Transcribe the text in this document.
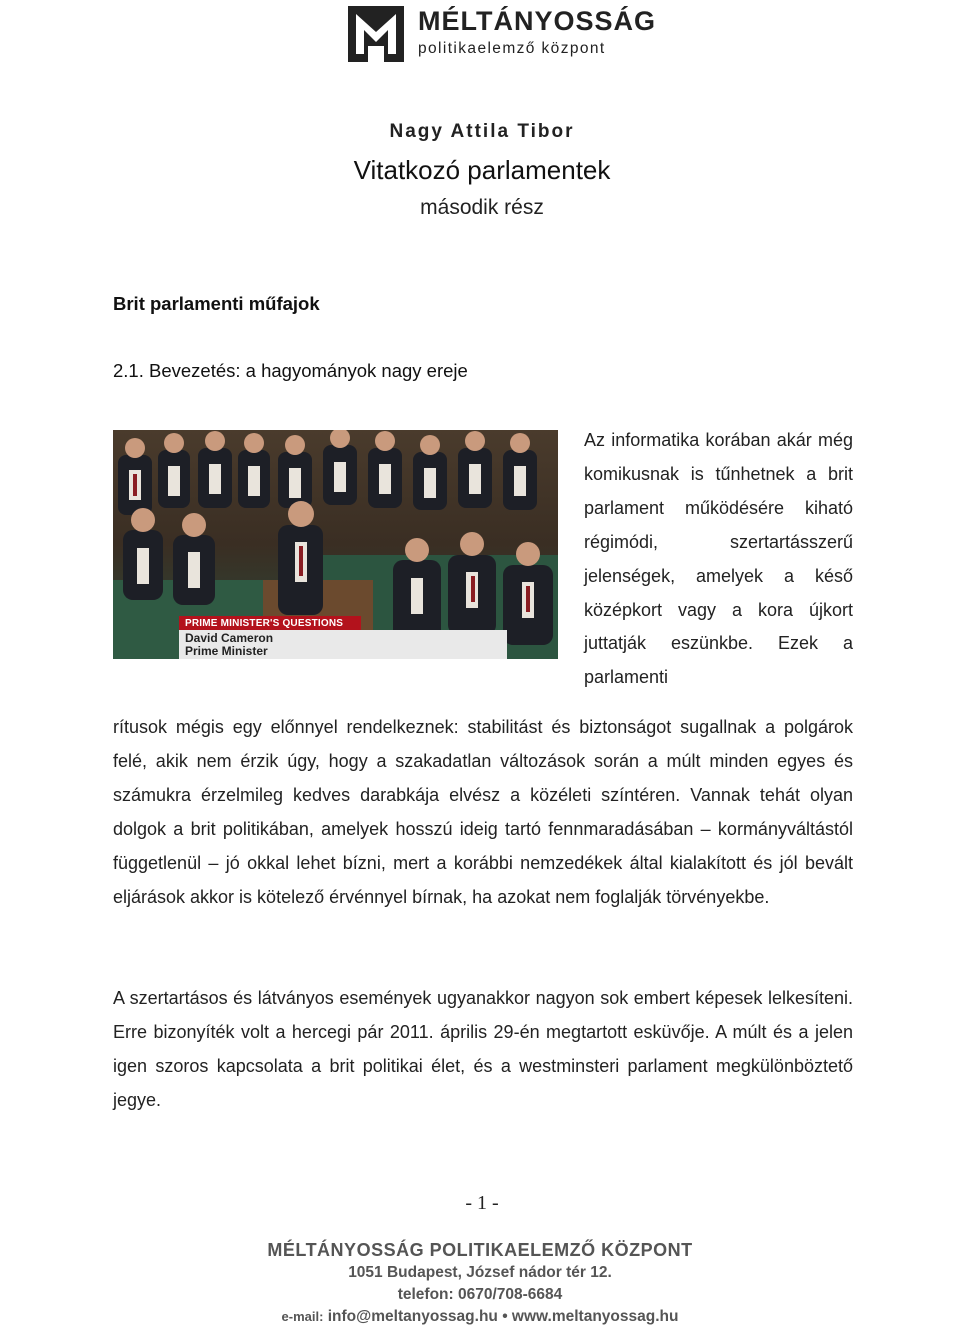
MÉLTÁNYOSSÁG
politikaelemző központ
Nagy Attila Tibor
Vitatkozó parlamentek
második rész
Brit parlamenti műfajok
2.1. Bevezetés: a hagyományok nagy ereje
PRIME MINISTER'S QUESTIONS
David Cameron
Prime Minister

Az informatika korában akár még komikusnak is tűnhetnek a brit parlament működésére kiható régimódi, szertartásszerű jelenségek, amelyek a késő középkort vagy a kora újkort juttatják eszünkbe. Ezek a parlamenti

rítusok mégis egy előnnyel rendelkeznek: stabilitást és biztonságot sugallnak a polgárok felé, akik nem érzik úgy, hogy a szakadatlan változások során a múlt minden egyes és számukra érzelmileg kedves darabkája elvész a közéleti színtéren. Vannak tehát olyan dolgok a brit politikában, amelyek hosszú ideig tartó fennmaradásában – kormányváltástól függetlenül – jó okkal lehet bízni, mert a korábbi nemzedékek által kialakított és jól bevált eljárások akkor is kötelező érvénnyel bírnak, ha azokat nem foglalják törvényekbe.

A szertartásos és látványos események ugyanakkor nagyon sok embert képesek lelkesíteni. Erre bizonyíték volt a hercegi pár 2011. április 29-én megtartott esküvője. A múlt és a jelen igen szoros kapcsolata a brit politikai élet, és a westminsteri parlament megkülönböztető jegye.

- 1 -
MÉLTÁNYOSSÁG POLITIKAELEMZŐ KÖZPONT
1051 Budapest, József nádor tér 12.
telefon: 0670/708-6684
e-mail: info@meltanyossag.hu • www.meltanyossag.hu
